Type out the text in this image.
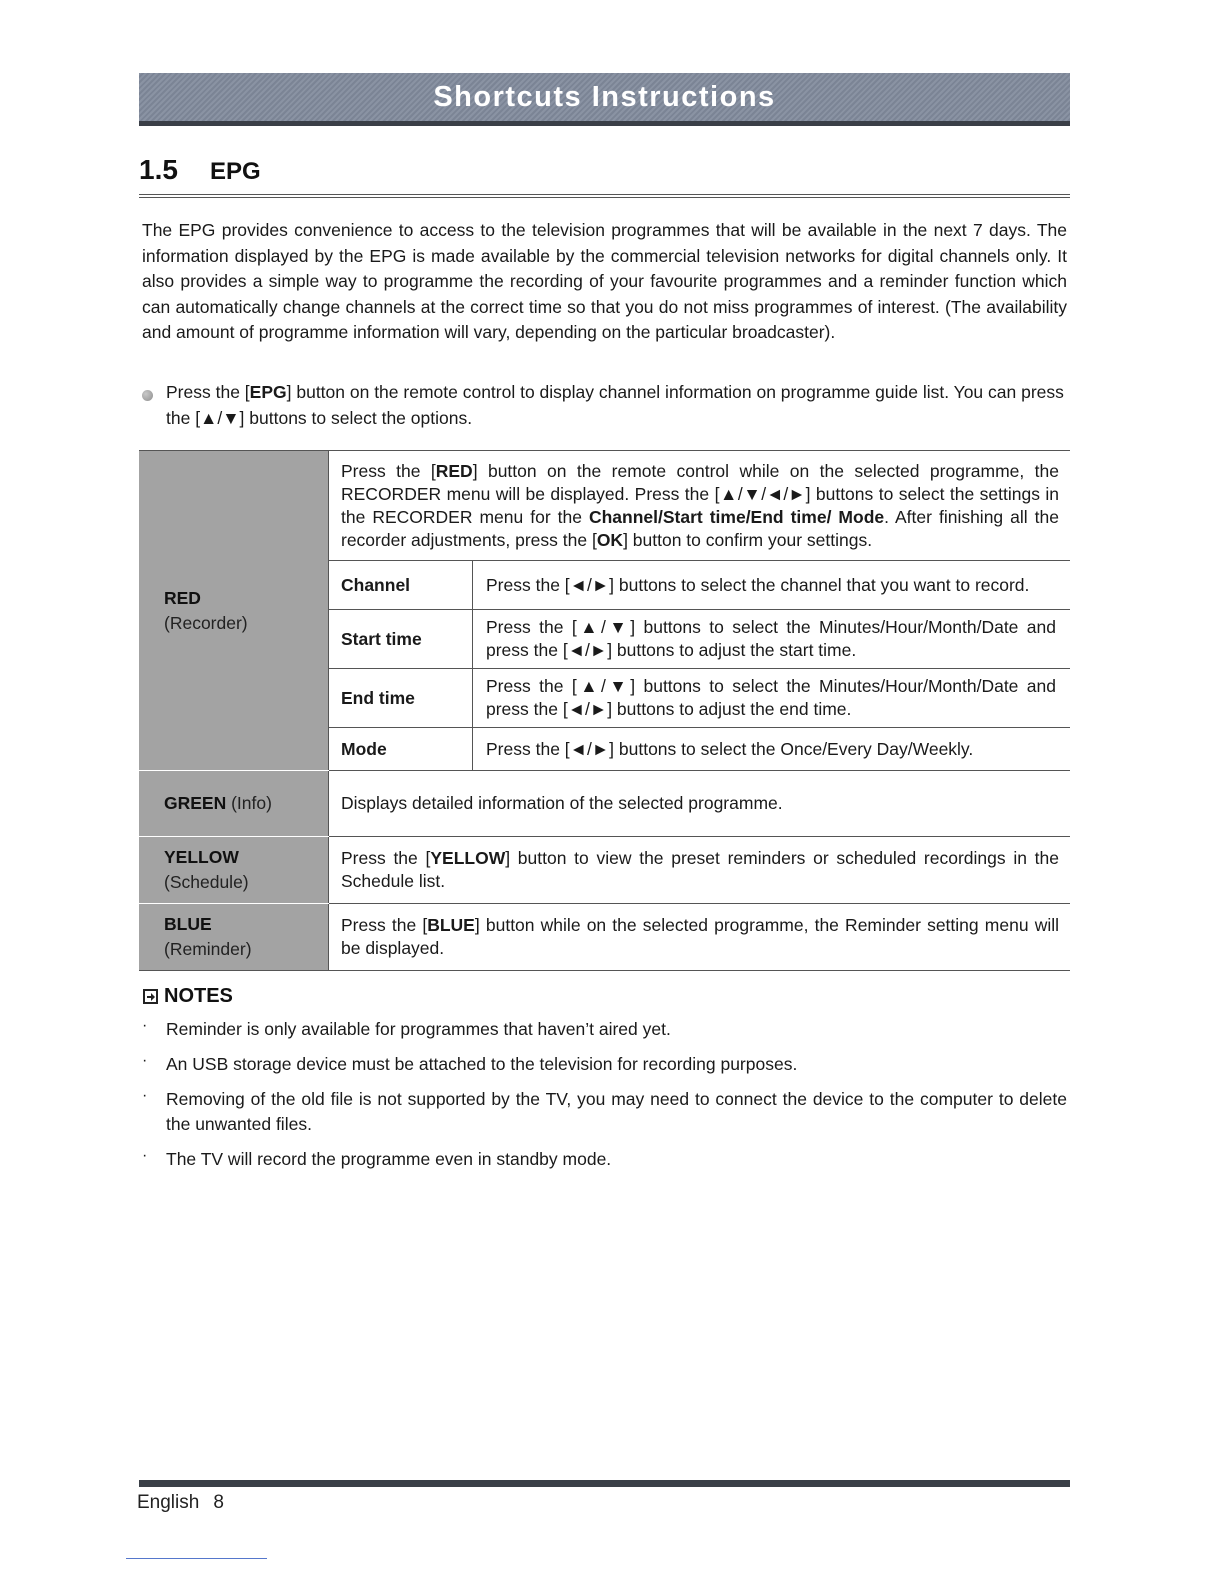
Shortcuts Instructions
1.5 EPG

The EPG provides convenience to access to the television programmes that will be available in the next 7 days. The information displayed by the EPG is made available by the commercial television networks for digital channels only. It also provides a simple way to programme the recording of your favourite programmes and a reminder function which can automatically change channels at the correct time so that you do not miss programmes of interest. (The availability and amount of programme information will vary, depending on the particular broadcaster).

Press the [EPG] button on the remote control to display channel information on programme guide list. You can press the [▲/▼] buttons to select the options.
RED
(Recorder)	Press the [RED] button on the remote control while on the selected programme, the RECORDER menu will be displayed. Press the [▲/▼/◄/►] buttons to select the settings in the RECORDER menu for the Channel/Start time/End time/ Mode. After finishing all the recorder adjustments, press the [OK] button to confirm your settings.	
	Channel	Press the [◄/►] buttons to select the channel that you want to record.
	Start time	Press the [▲/▼] buttons to select the Minutes/Hour/Month/Date and press the [◄/►] buttons to adjust the start time.
	End time	Press the [▲/▼] buttons to select the Minutes/Hour/Month/Date and press the [◄/►] buttons to adjust the end time.
	Mode	Press the [◄/►] buttons to select the Once/Every Day/Weekly.
GREEN (Info)	Displays detailed information of the selected programme.	

YELLOW
(Schedule)	Press the [YELLOW] button to view the preset reminders or scheduled recordings in the Schedule list.	

BLUE
(Reminder)	Press the [BLUE] button while on the selected programme, the Reminder setting menu will be displayed.	
NOTES
· Reminder is only available for programmes that haven’t aired yet.
· An USB storage device must be attached to the television for recording purposes.
· Removing of the old file is not supported by the TV, you may need to connect the device to the computer to delete the unwanted files.
· The TV will record the programme even in standby mode.
English 8
